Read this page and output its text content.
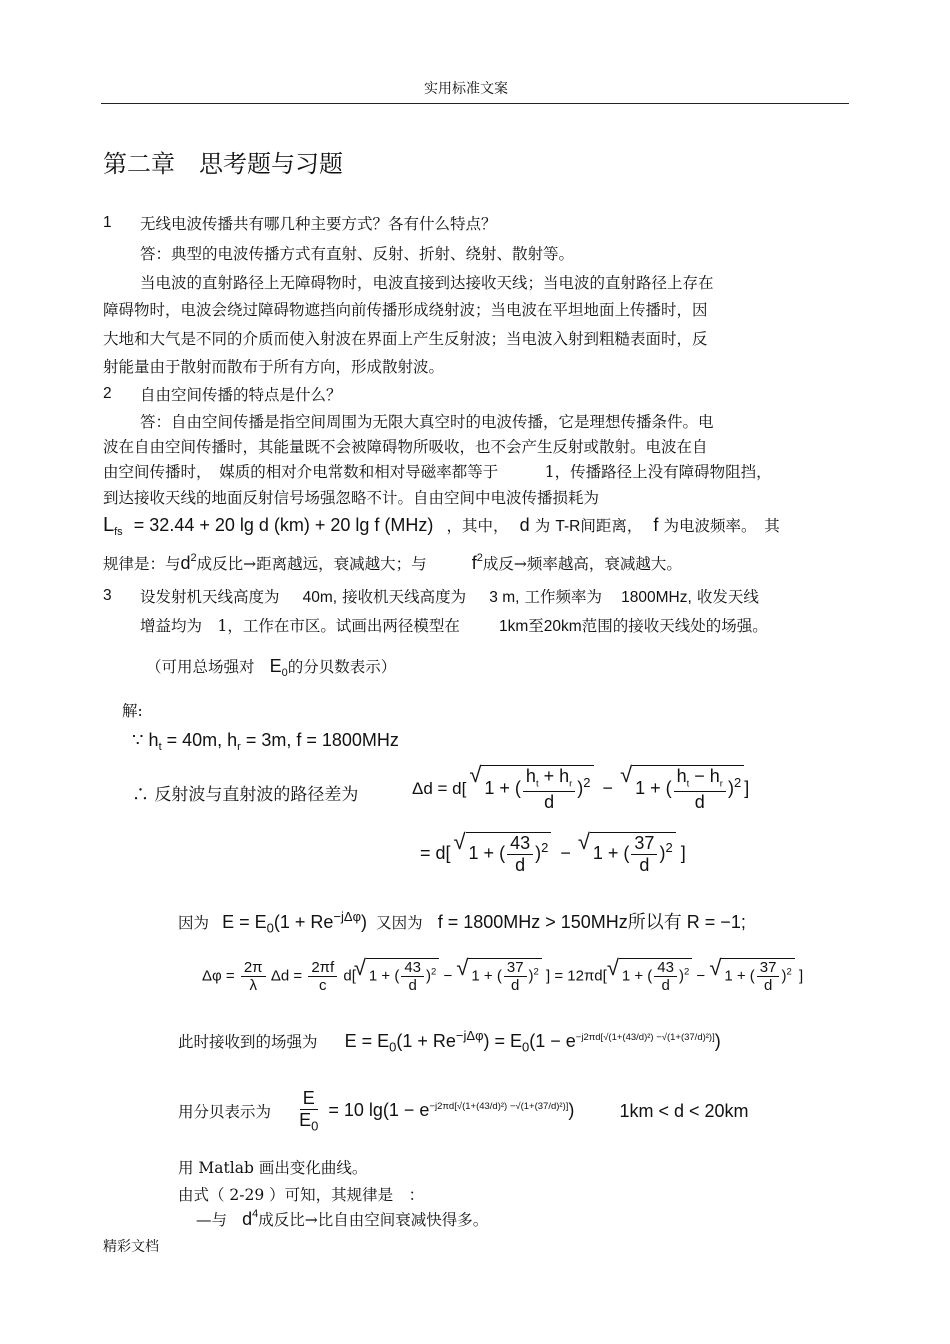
实用标准文案
第二章　思考题与习题
1 无线电波传播共有哪几种主要方式？各有什么特点？
答：典型的电波传播方式有直射、反射、折射、绕射、散射等。
当电波的直射路径上无障碍物时，电波直接到达接收天线；当电波的直射路径上存在
障碍物时，电波会绕过障碍物遮挡向前传播形成绕射波；当电波在平坦地面上传播时，因
大地和大气是不同的介质而使入射波在界面上产生反射波；当电波入射到粗糙表面时，反
射能量由于散射而散布于所有方向，形成散射波。
2 自由空间传播的特点是什么？
答：自由空间传播是指空间周围为无限大真空时的电波传播，它是理想传播条件。电
波在自由空间传播时，其能量既不会被障碍物所吸收，也不会产生反射或散射。电波在自
由空间传播时，　媒质的相对介电常数和相对导磁率都等于　　　1，传播路径上没有障碍物阻挡，
到达接收天线的地面反射信号场强忽略不计。自由空间中电波传播损耗为
$L_{fs} = 32.44 + 20$ lg d (km) + 20 lg f (MHz) ，其中， d 为 T-R间距离， f 为电波频率。　其
规律是：与$d^2$成反比→距离越远，衰减越大；与	$f^2$成反→频率越高，衰减越大。
3 设发射机天线高度为 40m, 接收机天线高度为 3 m, 工作频率为 1800MHz, 收发天线
增益均为　1，工作在市区。试画出两径模型在	1km至20km范围的接收天线处的场强。
（可用总场强对 $E_0$的分贝数表示）
解:
∵ $h_t = 40m$, $h_r = 3m$, f = 1800MHz
∴ 反射波与直射波的路径差为	Δd = d[ √ 1 + ( $\frac{h_t + h_r}{d} )^2$ − √ 1 + ( $\frac{h_t - h_r}{d} )^2$ ]
= d[ √ 1 + ( $\frac{43}{d} )^2$ − √ 1 + ( $\frac{37}{d} )^2$ ]
因为 $E = E_0(1 + Re^{-j\Delta\varphi})$ 又因为 f = 1800MHz > 150MHz所以有 R = −1;
$\Delta\varphi = \frac{2\pi}{\lambda}$ $\Delta d = \frac{2\pi f}{c} d[√$ 1 + ( $\frac{43}{d} )^2$ − √ 1 + ( $\frac{37}{d} )^2$ ] = 12πd[√ 1 + ( $\frac{43}{d} )^2$ − √ 1 + ( $\frac{37}{d} )^2$ ]
此时接收到的场强为 $E = E_0(1 + Re^{-j\Delta\varphi}) = E_0(1 - e^{-j2\pi d[√(1+(43/d)^2) -√(1+(37/d)^2)]})$
用分贝表示为 $\frac{E}{E_0} = 10$ $\lg(1 - e^{-j2\pi d[√(1+(43/d)^2) -√(1+(37/d)^2)]})$	1km < d < 20km
用 Matlab 画出变化曲线。
由式（ 2-29 ）可知，其规律是　：
—与 $d^4$成反比→比自由空间衰减快得多。
精彩文档
